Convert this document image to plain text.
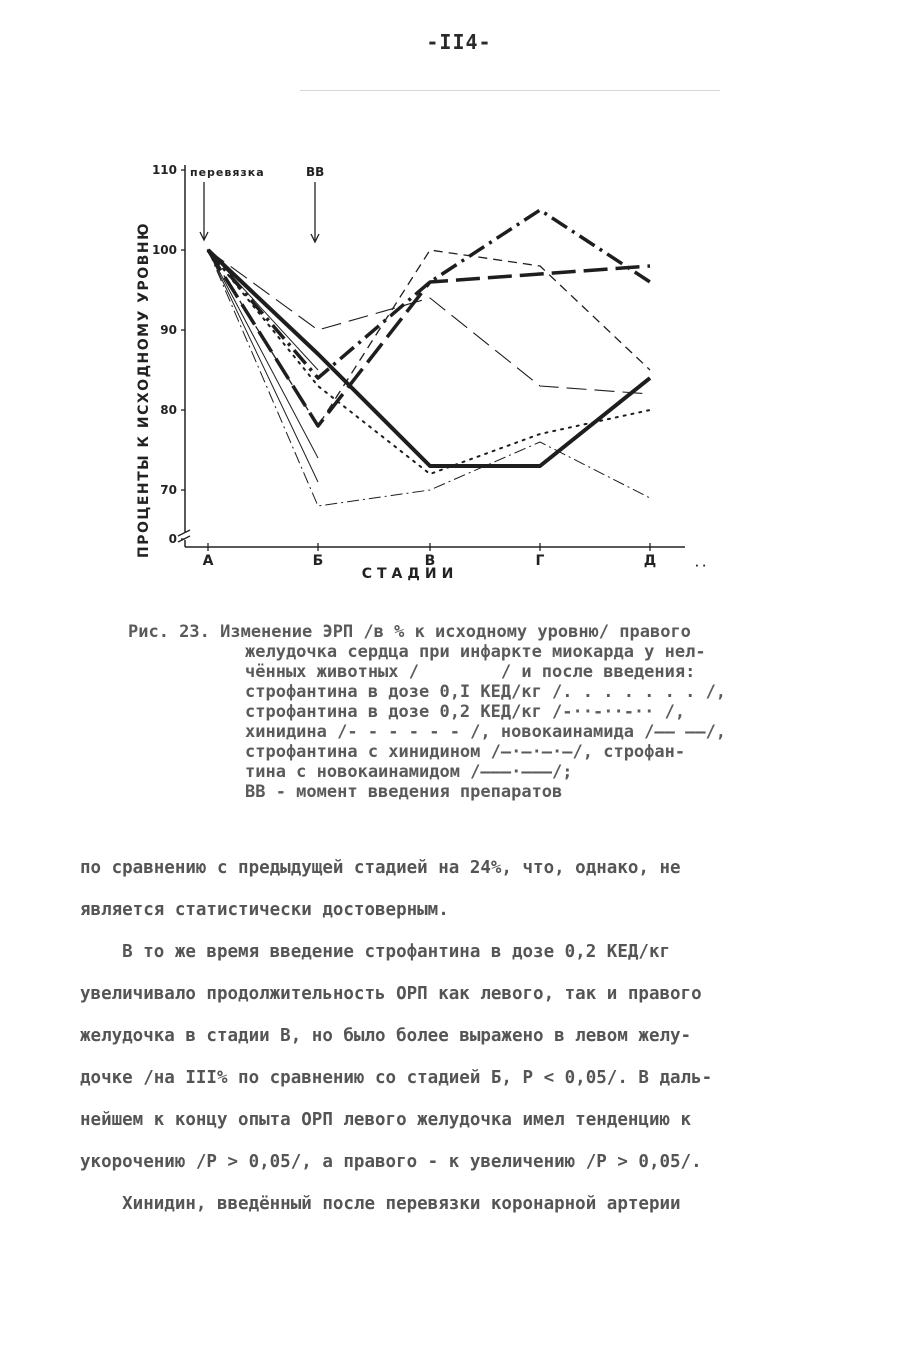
-II4-
0
70
80
90
100
110
А	Б	В	Г	Д	· ·
перевязка	ВВ
ПРОЦЕНТЫ К ИСХОДНОМУ УРОВНЮ
СТАДИИ
Рис. 23. Изменение ЭРП /в % к исходному уровню/ правого
желудочка сердца при инфаркте миокарда у нел-
чённых животных /        / и после введения:
строфантина в дозе 0,I КЕД/кг /. . . . . . . /,
строфантина в дозе 0,2 КЕД/кг /-··-··-·· /,
хинидина /- - - - - - /, новокаинамида /—— ——/,
строфантина с хинидином /—·—·—·—/, строфан-
тина с новокаинамидом /———·———/;
ВВ - момент введения препаратов
по сравнению с предыдущей стадией на 24%, что, однако, не
является статистически достоверным.
В то же время введение строфантина в дозе 0,2 КЕД/кг
увеличивало продолжительность ОРП как левого, так и правого
желудочка в стадии В, но было более выражено в левом желу-
дочке /на III% по сравнению со стадией Б, Р < 0,05/. В даль-
нейшем к концу опыта ОРП левого желудочка имел тенденцию к
укорочению /Р > 0,05/, а правого - к увеличению /Р > 0,05/.
Хинидин, введённый после перевязки коронарной артерии
